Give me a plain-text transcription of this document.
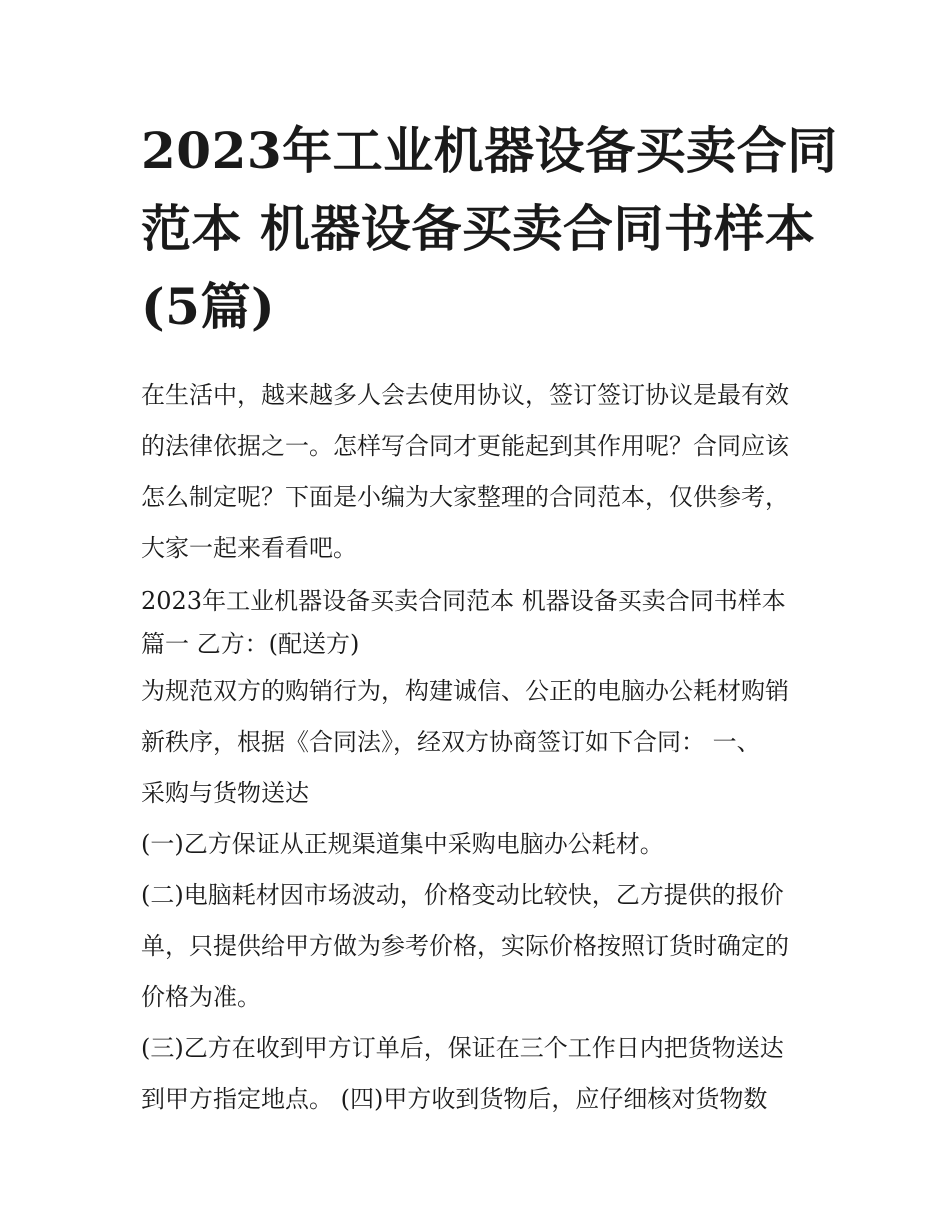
2023年工业机器设备买卖合同
范本 机器设备买卖合同书样本
(5篇)

在生活中，越来越多人会去使用协议，签订签订协议是最有效
的法律依据之一。怎样写合同才更能起到其作用呢？合同应该
怎么制定呢？下面是小编为大家整理的合同范本，仅供参考，
大家一起来看看吧。

2023年工业机器设备买卖合同范本 机器设备买卖合同书样本
篇一 乙方：(配送方)

为规范双方的购销行为，构建诚信、公正的电脑办公耗材购销
新秩序，根据《合同法》，经双方协商签订如下合同： 一、
采购与货物送达

(一)乙方保证从正规渠道集中采购电脑办公耗材。

(二)电脑耗材因市场波动，价格变动比较快，乙方提供的报价
单，只提供给甲方做为参考价格，实际价格按照订货时确定的
价格为准。

(三)乙方在收到甲方订单后，保证在三个工作日内把货物送达
到甲方指定地点。 (四)甲方收到货物后，应仔细核对货物数
